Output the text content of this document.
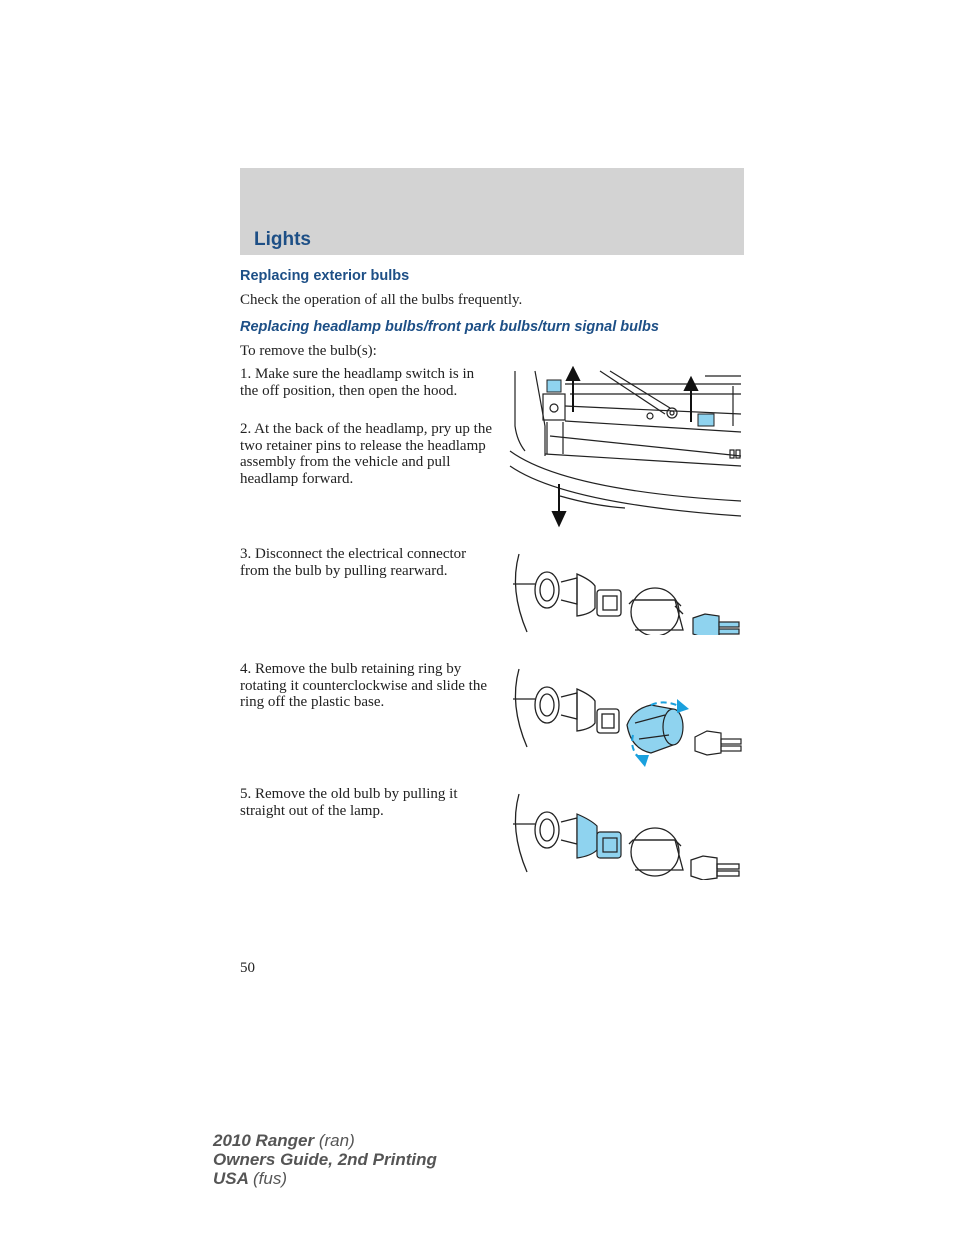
Lights
Replacing exterior bulbs

Check the operation of all the bulbs frequently.

Replacing headlamp bulbs/front park bulbs/turn signal bulbs

To remove the bulb(s):

1. Make sure the headlamp switch is in the off position, then open the hood.

2. At the back of the headlamp, pry up the two retainer pins to release the headlamp assembly from the vehicle and pull headlamp forward.

3. Disconnect the electrical connector from the bulb by pulling rearward.

4. Remove the bulb retaining ring by rotating it counterclockwise and slide the ring off the plastic base.

5. Remove the old bulb by pulling it straight out of the lamp.

50
2010 Ranger (ran)
Owners Guide, 2nd Printing
USA (fus)
